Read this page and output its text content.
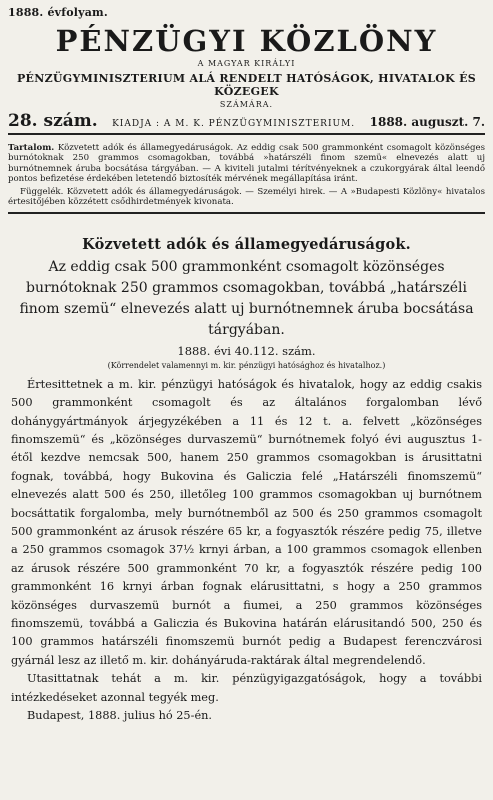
1888. évfolyam.
PÉNZÜGYI KÖZLÖNY
A MAGYAR KIRÁLYI
PÉNZÜGYMINISZTERIUM ALÁ RENDELT HATÓSÁGOK, HIVATALOK ÉS KÖZEGEK
SZÁMÁRA.
28. szám. KIADJA : A M. K. PÉNZÜGYMINISZTERIUM. 1888. auguszt. 7.

Tartalom. Közvetett adók és államegyedáruságok. Az eddig csak 500 grammonként csomagolt közönséges burnótoknak 250 grammos csomagokban, továbbá »határszéli finom szemü« elnevezés alatt uj burnótnemnek áruba bocsátása tárgyában. — A kiviteli jutalmi térítvényeknek a czukorgyárak által leendő pontos befizetése érdekében letetendő biztosíték mérvének megállapítása iránt.

Függelék. Közvetett adók és államegyedáruságok. — Személyi hirek. — A »Budapesti Közlöny« hivatalos értesitőjében közzétett csődhirdetmények kivonata.

Közvetett adók és államegyedáruságok.
Az eddig csak 500 grammonként csomagolt közönséges burnótoknak 250 grammos csomagokban, továbbá „határszéli finom szemü“ elnevezés alatt uj burnótnemnek áruba bocsátása tárgyában.
1888. évi 40.112. szám.
(Körrendelet valamennyi m. kir. pénzügyi hatósághoz és hivatalhoz.)

Értesittetnek a m. kir. pénzügyi hatóságok és hivatalok, hogy az eddig csakis 500 grammonként csomagolt és az általános forgalomban lévő dohánygyártmányok árjegyzékében a 11 és 12 t. a. felvett „közönséges finomszemü“ és „közönséges durvaszemü“ burnótnemek folyó évi augusztus 1-étől kezdve nemcsak 500, hanem 250 grammos csomagokban is árusittatni fognak, továbbá, hogy Bukovina és Galiczia felé „Határszéli finomszemü“ elnevezés alatt 500 és 250, illetőleg 100 grammos csomagokban uj burnótnem bocsáttatik forgalomba, mely burnótnemből az 500 és 250 grammos csomagolt 500 grammonként az árusok részére 65 kr, a fogyasztók részére pedig 75, illetve a 250 grammos csomagok 37½ krnyi árban, a 100 grammos csomagok ellenben az árusok részére 500 grammonként 70 kr, a fogyasztók részére pedig 100 grammonként 16 krnyi árban fognak elárusittatni, s hogy a 250 grammos közönséges durvaszemü burnót a fiumei, a 250 grammos közönséges finomszemü, továbbá a Galiczia és Bukovina határán elárusitandó 500, 250 és 100 grammos határszéli finomszemü burnót pedig a Budapest ferenczvárosi gyárnál lesz az illető m. kir. dohányáruda-raktárak által megrendelendő.

Utasittatnak tehát a m. kir. pénzügyigazgatóságok, hogy a további intézkedéseket azonnal tegyék meg.

Budapest, 1888. julius hó 25-én.
